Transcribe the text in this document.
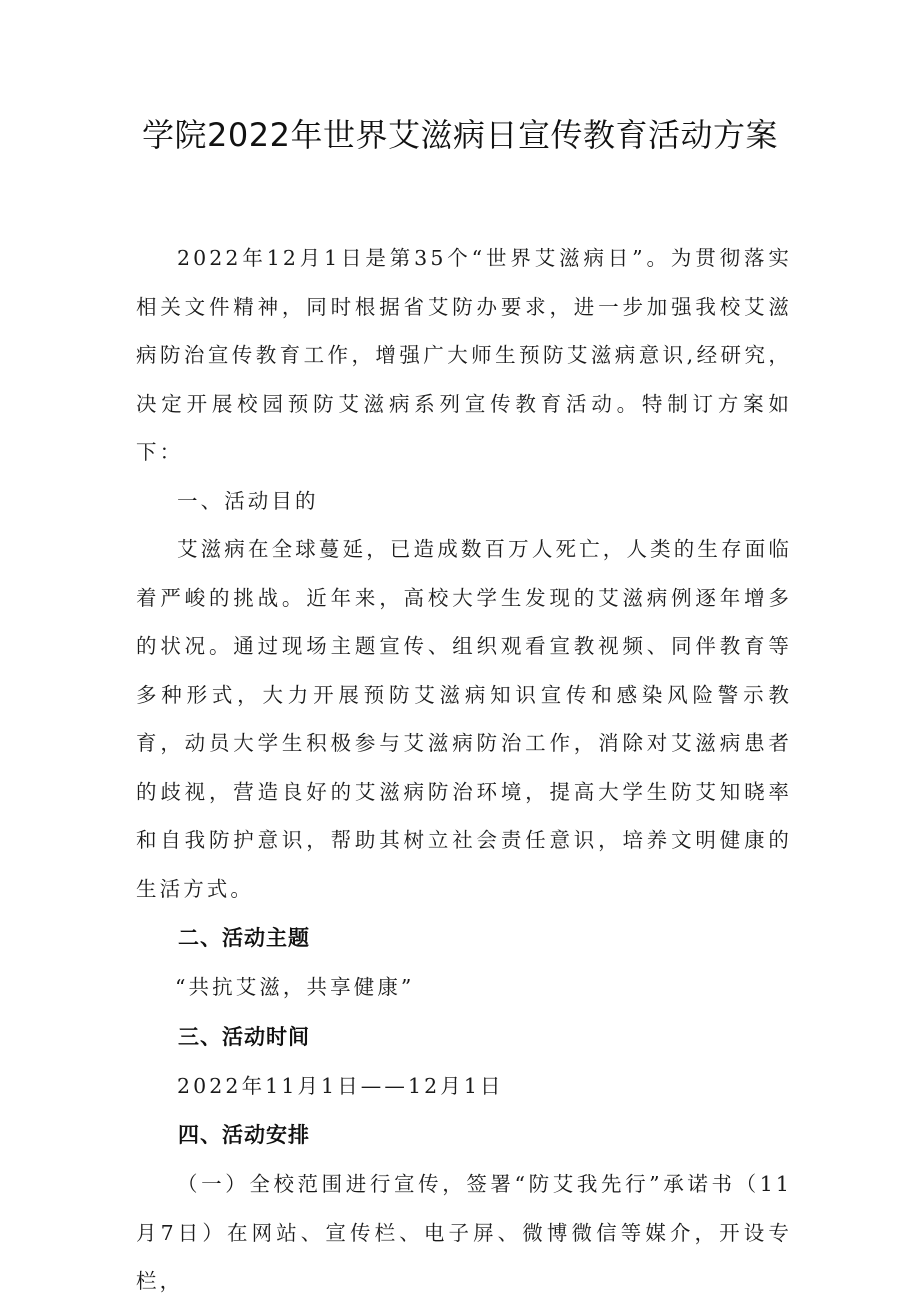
学院2022年世界艾滋病日宣传教育活动方案

2022年12月1日是第35个“世界艾滋病日”。为贯彻落实相关文件精神，同时根据省艾防办要求，进一步加强我校艾滋病防治宣传教育工作，增强广大师生预防艾滋病意识,经研究，决定开展校园预防艾滋病系列宣传教育活动。特制订方案如下：

一、活动目的

艾滋病在全球蔓延，已造成数百万人死亡，人类的生存面临着严峻的挑战。近年来，高校大学生发现的艾滋病例逐年增多的状况。通过现场主题宣传、组织观看宣教视频、同伴教育等多种形式，大力开展预防艾滋病知识宣传和感染风险警示教育，动员大学生积极参与艾滋病防治工作，消除对艾滋病患者的歧视，营造良好的艾滋病防治环境，提高大学生防艾知晓率和自我防护意识，帮助其树立社会责任意识，培养文明健康的生活方式。

二、活动主题

“共抗艾滋，共享健康”

三、活动时间

2022年11月1日——12月1日

四、活动安排

（一）全校范围进行宣传，签署“防艾我先行”承诺书（11月7日）在网站、宣传栏、电子屏、微博微信等媒介，开设专栏，
